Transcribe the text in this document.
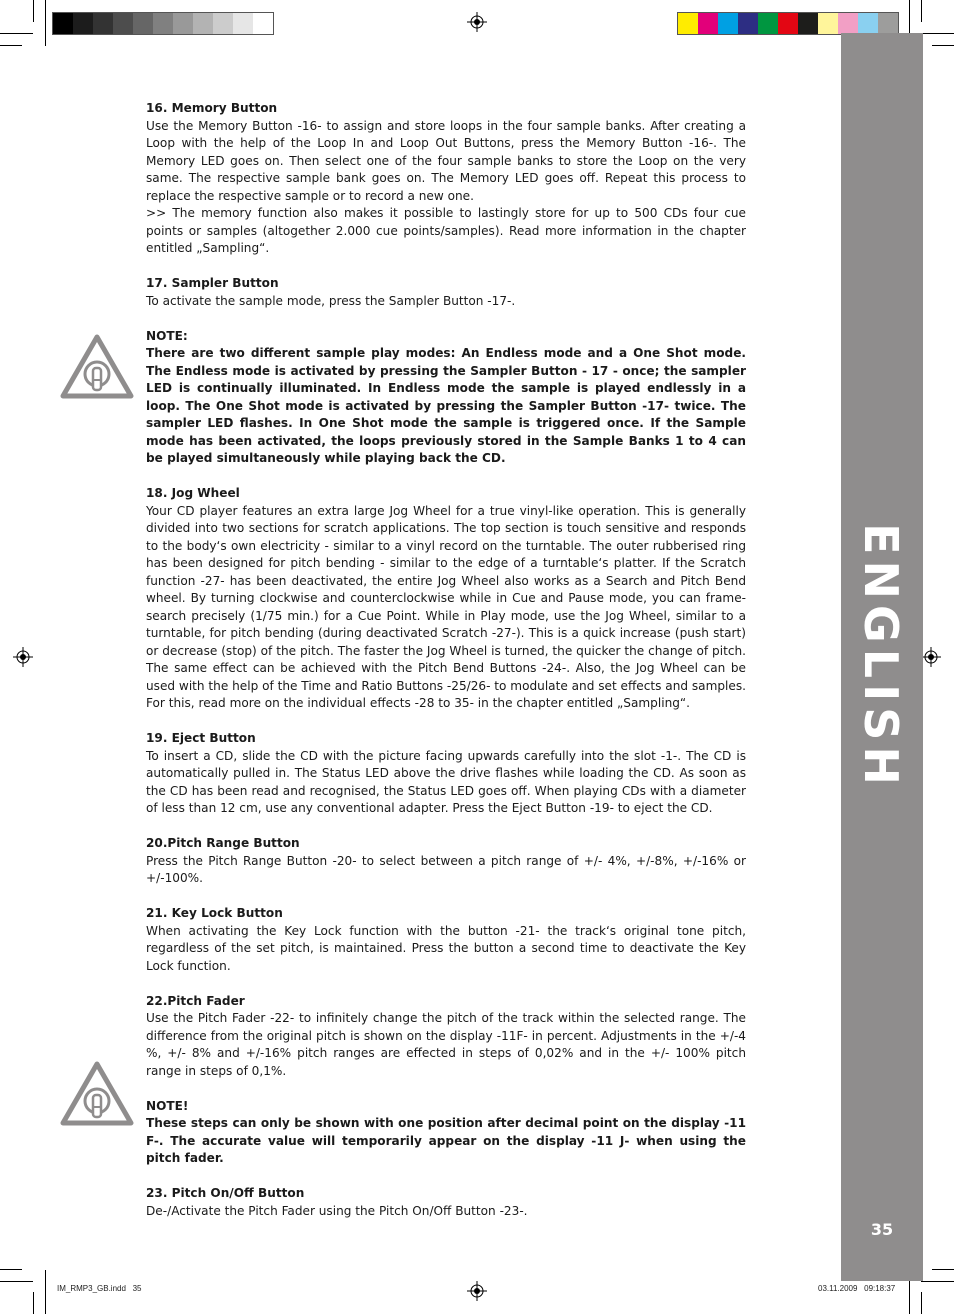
ENGLISH
35
16. Memory Button

Use the Memory Button -16- to assign and store loops in the four sample banks. After creating a Loop with the help of the Loop In and Loop Out Buttons, press the Memory Button -16-. The Memory LED goes on. Then select one of the four sample banks to store the Loop on the very same. The respective sample bank goes on. The Memory LED goes off. Repeat this process to replace the respective sample or to record a new one.

>> The memory function also makes it possible to lastingly store for up to 500 CDs four cue points or samples (altogether 2.000 cue points/samples). Read more information in the chapter entitled „Sampling“.

17. Sampler Button

To activate the sample mode, press the Sampler Button -17-.

NOTE:

There are two different sample play modes: An Endless mode and a One Shot mode. The Endless mode is activated by pressing the Sampler Button - 17 - once; the sampler LED is continually illuminated. In Endless mode the sample is played endlessly in a loop. The One Shot mode is activated by pressing the Sampler Button -17- twice. The sampler LED flashes. In One Shot mode the sample is triggered once. If the Sample mode has been activated, the loops previously stored in the Sample Banks 1 to 4 can be played simultaneously while playing back the CD.

18. Jog Wheel

Your CD player features an extra large Jog Wheel for a true vinyl-like operation. This is generally divided into two sections for scratch applications. The top section is touch sensitive and responds to the body‘s own electricity - similar to a vinyl record on the turntable. The outer rubberised ring has been designed for pitch bending - similar to the edge of a turntable‘s platter. If the Scratch function -27- has been deactivated, the entire Jog Wheel also works as a Search and Pitch Bend wheel. By turning clockwise and counterclockwise while in Cue and Pause mode, you can frame-search precisely (1/75 min.) for a Cue Point. While in Play mode, use the Jog Wheel, similar to a turntable, for pitch bending (during deactivated Scratch -27-). This is a quick increase (push start) or decrease (stop) of the pitch. The faster the Jog Wheel is turned, the quicker the change of pitch. The same effect can be achieved with the Pitch Bend Buttons -24-. Also, the Jog Wheel can be used with the help of the Time and Ratio Buttons -25/26- to modulate and set effects and samples. For this, read more on the individual effects -28 to 35- in the chapter entitled „Sampling“.

19. Eject Button

To insert a CD, slide the CD with the picture facing upwards carefully into the slot -1-. The CD is automatically pulled in. The Status LED above the drive flashes while loading the CD. As soon as the CD has been read and recognised, the Status LED goes off. When playing CDs with a diameter of less than 12 cm, use any conventional adapter. Press the Eject Button -19- to eject the CD.

20.Pitch Range Button

Press the Pitch Range Button -20- to select between a pitch range of +/- 4%, +/-8%, +/-16% or +/-100%.

21. Key Lock Button

When activating the Key Lock function with the button -21- the track‘s original tone pitch, regardless of the set pitch, is maintained. Press the button a second time to deactivate the Key Lock function.

22.Pitch Fader

Use the Pitch Fader -22- to infinitely change the pitch of the track within the selected range. The difference from the original pitch is shown on the display -11F- in percent. Adjustments in the +/-4 %, +/- 8% and +/-16% pitch ranges are effected in steps of 0,02% and in the +/- 100% pitch range in steps of 0,1%.

NOTE!

These steps can only be shown with one position after decimal point on the display -11 F-. The accurate value will temporarily appear on the display -11 J- when using the pitch fader.

23. Pitch On/Off Button

De-/Activate the Pitch Fader using the Pitch On/Off Button -23-.

IM_RMP3_GB.indd   35	03.11.2009   09:18:37
